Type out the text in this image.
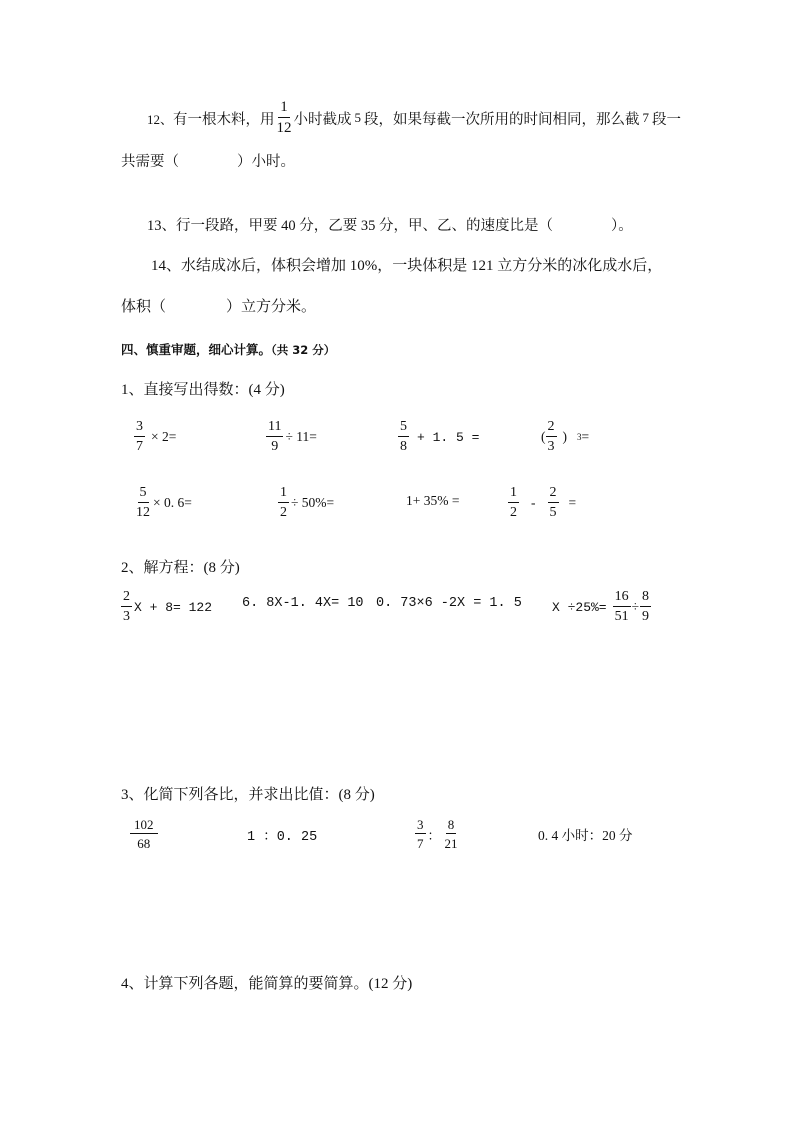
12、 有一根木料，用 $\frac{1}{12}$ 小时截成 5 段，如果每截一次所用的时间相同，那么截 7 段一
共需要（　　　　）小时。
13、行一段路，甲要 40 分，乙要 35 分，甲、乙、的速度比是（　　　　）。
14、水结成冰后，体积会增加 10%，一块体积是 121 立方分米的冰化成水后，
体积（　　　　）立方分米。
四、慎重审题，细心计算。（共 32 分）
1、直接写出得数：(4 分)
$\frac{3}{7} \times 2=$	$\frac{11}{9} \div 11=$	$\frac{5}{8} + 1$. 5 =	( $\frac{2}{3}$ ) 3 =
$\frac{5}{12} \times 0$. 6=	$\frac{1}{2} \div 50\%=$	1+ 35% =	$\frac{1}{2} - \frac{2}{5}$ =
2、解方程：(8 分)
$\frac{2}{3}$ X + 8= 122 6. 8X-1. 4X= 10 0. 73×6 -2X = 1. 5 $X \div 25\%= \frac{16}{51} \div \frac{8}{9}$
3、化简下列各比，并求出比值：(8 分)
$\frac{102}{68}$	1 ：0. 25	$\frac{3}{7}$ ： $\frac{8}{21}$	0. 4 小时：20 分
4、计算下列各题，能简算的要简算。(12 分)
